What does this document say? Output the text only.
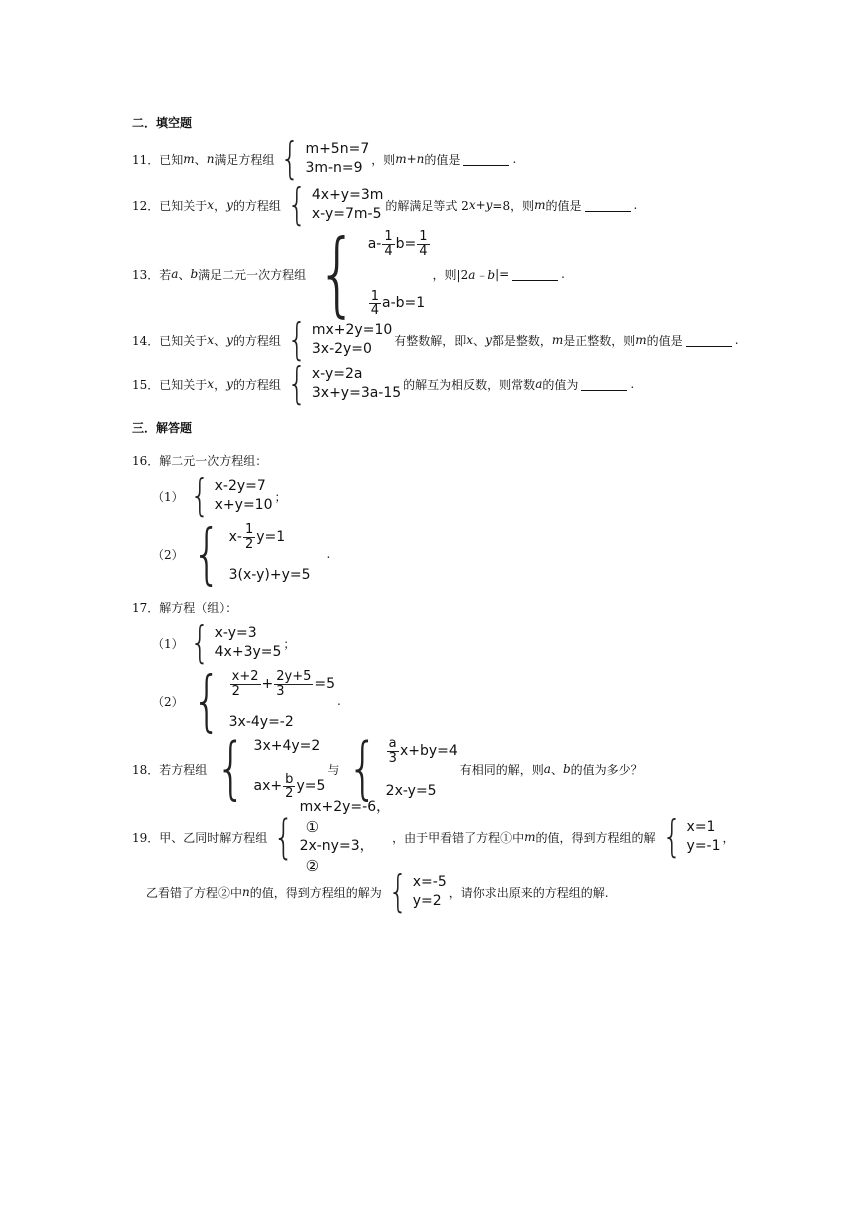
二．填空题
11．已知 m 、 n 满足方程组 { m+5n=7
3m-n=9
，则 m+n 的值是	.
12．已知关于 x ， y 的方程组 { 4x+y=3m
x-y=7m-5
的解满足等式 2 x+y =8，则 m 的值是	.
13．若 a 、 b 满足二元一次方程组 { $a- \frac{1}{4} b= \frac{1}{4}$
$\frac{1}{4} a-b=1$
，则|2 a﹣b |=	.
14．已知关于 x 、 y 的方程组 { mx+2y=10
3x-2y=0
有整数解，即 x 、 y 都是整数， m 是正整数，则 m 的值是	.
15．已知关于 x ， y 的方程组 { x-y=2a
3x+y=3a-15
的解互为相反数，则常数 a 的值为	.
三．解答题
16．解二元一次方程组：
（1） { x-2y=7
x+y=10
；
（2） { $x- \frac{1}{2} y=1$
3(x-y)+y=5
.
17．解方程（组）：
（1） { x-y=3
4x+3y=5
；
（2） { $\frac{x+2}{2} + \frac{2y+5}{3} =5$
3x-4y=-2
.
18．若方程组 { 3x+4y=2
$ax+ \frac{b}{2} y=5$
与 { $\frac{a}{3} x+by=4$
2x-y=5
有相同的解，则 a 、 b 的值为多少？
19．甲、乙同时解方程组 {
mx+2y=-6，
①
2x-ny=3，
②
，由于甲看错了方程①中 m 的值，得到方程组的解 { x=1
y=-1
，
乙看错了方程②中 n 的值，得到方程组的解为 { x=-5
y=2
，请你求出原来的方程组的解.
